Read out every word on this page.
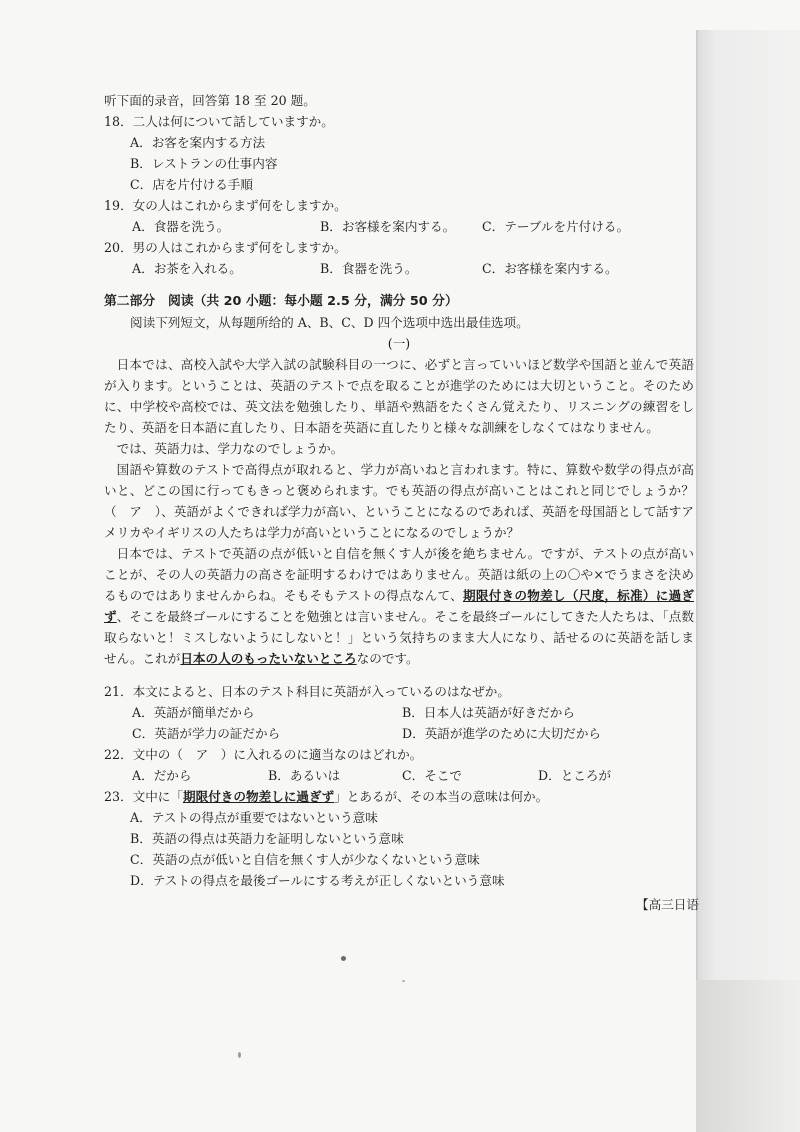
听下面的录音，回答第 18 至 20 题。
18．二人は何について話していますか。
A．お客を案内する方法
B．レストランの仕事内容
C．店を片付ける手順
19．女の人はこれからまず何をしますか。
A．食器を洗う。	B．お客様を案内する。	C．テーブルを片付ける。
20．男の人はこれからまず何をしますか。
A．お茶を入れる。	B．食器を洗う。	C．お客様を案内する。
第二部分　阅读（共 20 小题：每小题 2.5 分，满分 50 分）
阅读下列短文，从每题所给的 A、B、C、D 四个选项中选出最佳选项。
(一)

日本では、高校入試や大学入試の試験科目の一つに、必ずと言っていいほど数学や国語と並んで英語が入ります。ということは、英語のテストで点を取ることが進学のためには大切ということ。そのために、中学校や高校では、英文法を勉強したり、単語や熟語をたくさん覚えたり、リスニングの練習をしたり、英語を日本語に直したり、日本語を英語に直したりと様々な訓練をしなくてはなりません。

では、英語力は、学力なのでしょうか。

国語や算数のテストで高得点が取れると、学力が高いねと言われます。特に、算数や数学の得点が高いと、どこの国に行ってもきっと褒められます。でも英語の得点が高いことはこれと同じでしょうか？（　ア　）、英語がよくできれば学力が高い、ということになるのであれば、英語を母国語として話すアメリカやイギリスの人たちは学力が高いということになるのでしょうか？

日本では、テストで英語の点が低いと自信を無くす人が後を絶ちません。ですが、テストの点が高いことが、その人の英語力の高さを証明するわけではありません。英語は紙の上の〇や×でうまさを決めるものではありませんからね。そもそもテストの得点なんて、期限付きの物差し（尺度，标准）に過ぎず、そこを最終ゴールにすることを勉強とは言いません。そこを最終ゴールにしてきた人たちは、「点数取らないと！ミスしないようにしないと！」という気持ちのまま大人になり、話せるのに英語を話しません。これが日本の人のもったいないところなのです。

21．本文によると、日本のテスト科目に英語が入っているのはなぜか。
A．英語が簡単だから	B．日本人は英語が好きだから
C．英語が学力の証だから	D．英語が進学のために大切だから
22．文中の（　ア　）に入れるのに適当なのはどれか。
A．だから	B．あるいは	C．そこで	D．ところが
23．文中に「期限付きの物差しに過ぎず」とあるが、その本当の意味は何か。
A．テストの得点が重要ではないという意味
B．英語の得点は英語力を証明しないという意味
C．英語の点が低いと自信を無くす人が少なくないという意味
D．テストの得点を最後ゴールにする考えが正しくないという意味
【高三日语
